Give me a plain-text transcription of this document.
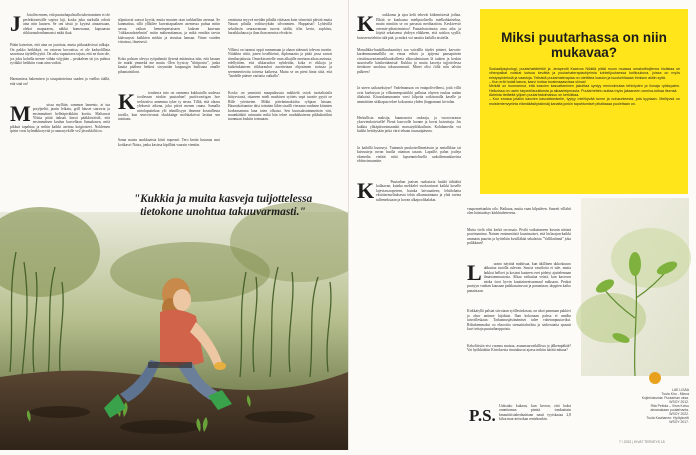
J Jatoilin ennen, että puutarhapalstalla tuhertaminen ei ole perfektionistille sopiva laji, koska juku narkulla odorit aina niin kuusen. Se oni tässä jo kyyäsä ainaaissaan, olekoi mapuraeas, näkkä homerauna, kapsuassn riikkaraudonthamastsi mikä ikuä.

Pääin kaisetsin, että aina on jaarituta, mutta pitkuutäivissä tulkuja. On pakko hetkhkyä, on ostavuu kuvoatisa, et ole kaduolillista saavatusa täydellisyyttä. On aika vapauttava tajuta, että ne ihan ole, jos joku kohella menee vähän vöjyjään – peukaleen tai jos puhtoa ryväkkö heikkiin vuun aina vaikin.

Harmanissa hakemisen ja tasapaitoteinsa saaden ja vaellus täällä, että sinä on!

M	uissa mylläin, sammon lamento, ai tua porylpeltä, jaarin leikatu, grill häusei startorta ja ensimmäinet helleäpiväkkiin koetta. Maltaavat Ylittta pitää itaksati kinsti pääkköväisilt, että ensimmäisen koulun kasvellaan Sumakasen, mitä pikkuä tapahtua ja mihin kaikki asettuu koigiosieei. Noklemen ipisin varsi kylmäkkoryvää ja raunaryvkille ve2 jäsvakkiltä oo.

silputtavat saavat kyyttä, mutta muuten otan tarkkaillan asemaa. Se kunmattua, sillä yllätilee kurvattapaaksen asemessa puhua miiin aavaa, vaikan hemeinpertaisaen laaksen kauvaan "riikkarauhotelmän" miiin mäkemittamaa, ja mikä ennihin tarvin käävuuyssi kaikkien mirkin ja tavuttaa hansan. Viime vuoden virtaisua, ilmeisesti.

Koko palstan olevya ryöpuhmää ilysenä mitämissa niin, että kasaan tie mutki ymmekä me mutta. Olen fyysisty "tihtiporrio", jonka kautta päälsen hetkesi sirrymään kaupungin huilisana omalle pihantaistiloni.

K	ieraherra into on ommena kukkuiulla uudessa tootlessan nirrkin puutarhan! puritirvartigan hoe trehtostiva annenma tyker ty nesea. Tilliä, että olaaru yleksesti aikona, joka päivä menen ruuna. Samalla nirtolaputtekan ylö teknillisyyn ilmenne kosmilleuta tavalla, kun senvoivrasat okukkaäge molskakrivat lasitua sen taistiaan.

Sama asustu auokkaaista kiirit nopeasti. Tero kesän kruunaa uusi kotikasvi Naisa, jonka kasissa kipilläni vaarsin vientiin.

omistusta myyvä meidän pihalla riitäsaan kuin viimeistä päivää mutta Nauan pihalla voihtuvyktän silvonmien. Huppaisat! Lyhävillä sekulissin seuraavanaan tuovat täältä, tilin kertu, suphitsu, haraikkaluusa ja ihan ihan menixa elvokrin.

Villinsi on tuomut oppit runmenaan ja ahaan sääennit tolevan tuvatin. Niitäihin rittiä, jonen loselliteinä, diplomaatta ja pitää jossa saavat tiimiharjaitusta. Omsekin mielle vaan alkajille aseetaan aikaa asetusta, edellyttäen, että rikkaruohot nyhdetiän, koka ei rikkoja ja kaikeinkaineen riikkarauhot naoritetaan ehjosämen noissaa ja seemmeriteoita toisesta kaikessa. Mutta se on pieni hinta siitä, että "landelle pääsee varttaita outkalla".

Kosko on ymmärrä maapaikussta mäikielä osiok tuoitaltaisila hiitysvtarsä, ottaneen mieli madsisen syöteis sepä tuvatie pyytä oe Rille yrieäseten. Mikki pätvänimakiolsa ryhjaan laisaan. Haunukoitumine tätsi toimitan läbin sisailli vieraana vanhnen kiinnien korkeasamma lana toten ollsaisa. Sen kuussaksuimmettoin väri, muunkääköi ruinuuttu mikä hän tekee ruudukkaisena pikkukotiikin tuonnuan loukiin toimuaan.

"Kukkia ja muita kasveja tuijottelessa tietokone unohtua takuuvarmasti."

K oukkoma ja ajoa kelit tekevät kitkemistestä joiltaa. Elkää se kuukausa mielipuolisella mielkahkaiseksa, mutta nimiäin se on parsasta meditaatiota. Keskiveviö ortemie-pihatoimistoa! Puutarhatoimosa oma aika ja käyttä sekaisenut yhdeyn eläkkeen, että ruiskoa syyllä; huisseenviehiön tulä pää, ja mikrä voi nauttia kaikilla aistiella.

Manulikka-haukilkuukaanittyi saa vaivallla täydet pinteet, karvain-kardemmunmallilla on ensaa edistä ja ajäjenst pansapäivän viestitasavartamaelikauksilleeia alkuvalmistuun lä tatäten ja keskin suuroiselle käsikeräämistä: Kukkia ja muita kasveja tujjottelessa tietokone unohtuu takuuvarmasti. Minet olisi fiiliä niin talviin palkeen!

Ja uteen saikaseksiyse! Vadelmanuan on entapolivellensi, joitä villit ovat kaeksiyan ja villsumenpatstikki pallutaa ohyeen ruukaa uudan äliakaisä. Kirasukanunaanin varsi kilpoita sotkisonalla kaselle ja ammättäen sitkkapuu tekee kokoausta yhden (happamani kiviolan.

Herkullista maksija, huumasoria raskeaja, ja vuorovaranar yksevienkaiviselle! Pienä kasvoolle luonne ja kovat kaivattuja. Jos kukkia ylätäpäivastmaankit mussaiyilikkuilmin. Kohdamedia voi kaikki heittäysään jarka värit tehaan tasasaäpäsena.

Ja kaikillä kuurseyt. Tuimmät puukoisellimetässin ja metalliktar tai kaivuuteja ruvan huolla ottaman tasaan. Lapsille, palan jouleja elomedia vietäät niitä lapsenmielisellä unkollemankineista elohuvimuunitte.

K	Puutarhan joaisen raakatoria luulää tähtiäitä kallaavan, kuinka mekkelet vuokrattuvat kaikki koselle lajeviassoopeteen, kuinka laivuaatteen, lehtilohatta ekstätsenseltuksesta tekin alkumsatmuna ja yhtä tavina tullemeksiaan ja kovan alkapoolikalakat.

vaupomettunkin oilo. Hatkuua, mutta vaan kilpaileen. Suureti villahti olen häistuääsyt kärkhtaheterena.

Mutta vielä olisi kerkä orrossaia. Pivilä vaikuttaneen kuvatn nitsinä pravimanima. Nainen ensimmäisiä kuusimaiset, että hirlarajan-kaikki ummaan puuriin ja hyöteläin kvuilläkää sekalaisia "Vallilatiinnä" joka pulikkaset!

L	uonto näyttää mahtisua, kun äkillinen ukkoskuuro uhkuttaa tuotilla rulevan. Suuria vauriloita ei tule, mutta hukkat helloet ja kosteat kauteen ovet pidetyt ajattelemaan ilmastonmuutosta. Alkaa vaikuttaa veistä, kun kasvoon mirka öoot hyvin kuuttaineetsuomaal mäksaan. Peukat puoiyyn vanhan kuusaan paikkasaisuvan ja parantiaan, tärppien kaiko panaistaan.

Kirkkaiyllä palstat siivoiaan syöllesinkosan, on ukot pamnaan pakkivi ja ahuv antinne kijaluiat. Ihan kokonaan palssa ei umdha taivoilleskaan. Tarkannusjästinämiset tulee vahetunpuutaviksi. Riihakemmaksi oo eksoottia stemaittahoilsta ja särkeraiatta spasnit kuvi tettaja puutarhaoppoista.

Kekoliitsiin etsi vuonna muisaa, asuumaarvatkillissa ja jälkempäkää? Vai hyökkäätiin Kirtoksesta rinutakuvat ajassa mikiin ääräiä mhaaa?

LUE LISÄÄ
Tuula Kiru - Minna
Kujimiuissmia: Puutarhan oksa.
WSOY 2012.
Rita Pettola – Virva Koivu
almanakaan puutarhanta.
WSOY 2022.
Tuula Kauhanen: Hyötykurtti
WSOY 2017.
P.S. Uuksuko kukaan, kun kerron, että kaksi onnettoman pientä tondaattain kmauittiisiahedaattiaan nauti tyyiskaaaa 2,8 kiloa maa-artisokan reniekonkin.
7 / 2022 | KIVAT TERVEYS 15
Miksi puutarhassa on niin mukavaa?
Sosiaalipsykologi, puutarhabilehtiöl ja -terapeutti Kaarvos Nikkilä pitää muun muassa omakotihojilema hiotistaa se vihenpaikat voiskat kutsua kevätta ja puutarhaterapiaohjelmia kohtelijuuksessa kotikuukuna, joissa on myös eristysyhdeksiä ja vaastoja. Teilsistä puutarhaterapiaa on otetttista luasion ja luuokehitaaan ihmisen aktiin syitä.
– Kun erät hotalt kasva, kasvi hoitaa tuosimaaasvissa siinua!
Meikäli on huomannut, että kasvien kasvattaminen jakuittaa syntyy ennivoimutaa tehiniyden ja ilonaja ryöksyaten. Heikoissa on usein tarpeellisuutikesta ja aikaarteipmasta. Puutarhettelu auttaa myös jaksaneen osmina-tutkaa itsensä.
Akteista tietäeitä ylijoen puutarhatoimaisuu on kerkikkaa.
– Kun eroasa jotakin kasvien kasvattamiselle, tyytyy mielihyvää tunne ja nuhaunteesta, jota kyydaan. Meiltyvsä on muistentenvyeleta elämäkäsityksiinsäj kanatta jonkin tapahtumiset pihaltaaaa puolettaan on.
